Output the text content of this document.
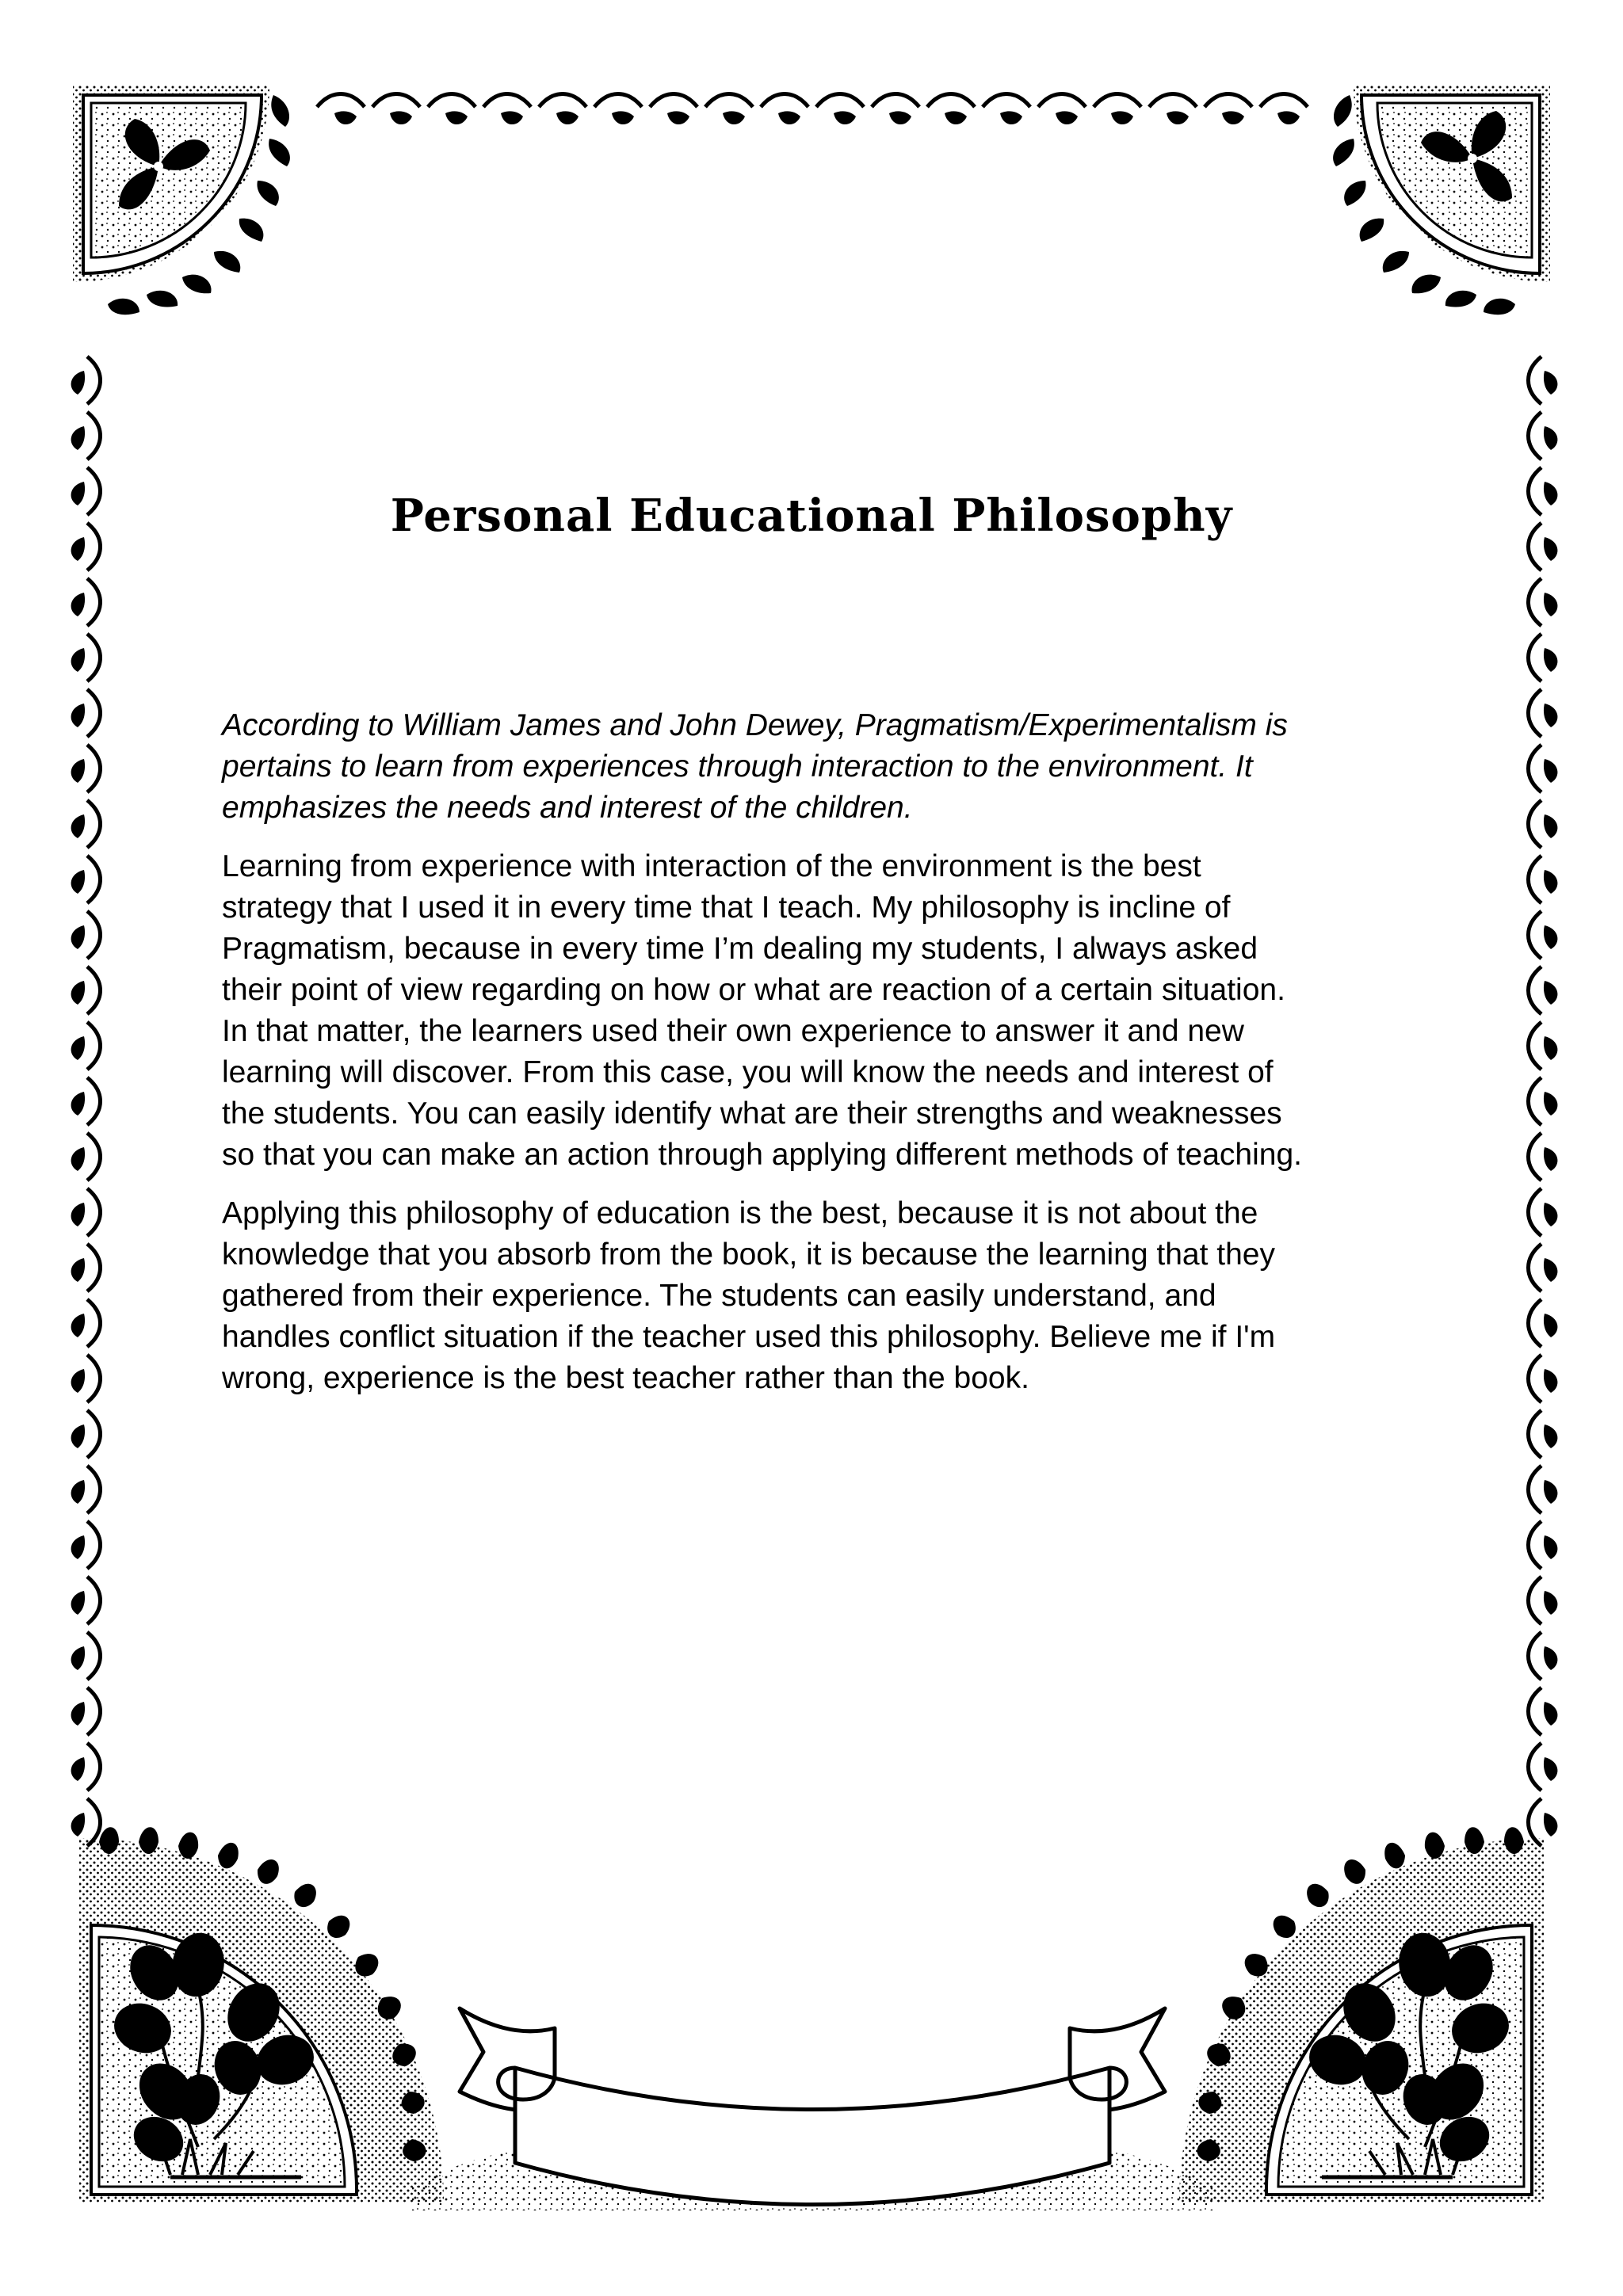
Personal Educational Philosophy

According to William James and John Dewey, Pragmatism/Experimentalism is
pertains to learn from experiences through interaction to the environment. It
emphasizes the needs and interest of the children.

Learning from experience with interaction of the environment is the best
strategy that I used it in every time that I teach. My philosophy is incline of
Pragmatism, because in every time I’m dealing my students, I always asked
their point of view regarding on how or what are reaction of a certain situation.
In that matter, the learners used their own experience to answer it and new
learning will discover. From this case, you will know the needs and interest of
the students. You can easily identify what are their strengths and weaknesses
so that you can make an action through applying different methods of teaching.

Applying this philosophy of education is the best, because it is not about the
knowledge that you absorb from the book, it is because the learning that they
gathered from their experience. The students can easily understand, and
handles conflict situation if the teacher used this philosophy. Believe me if I'm
wrong, experience is the best teacher rather than the book.
